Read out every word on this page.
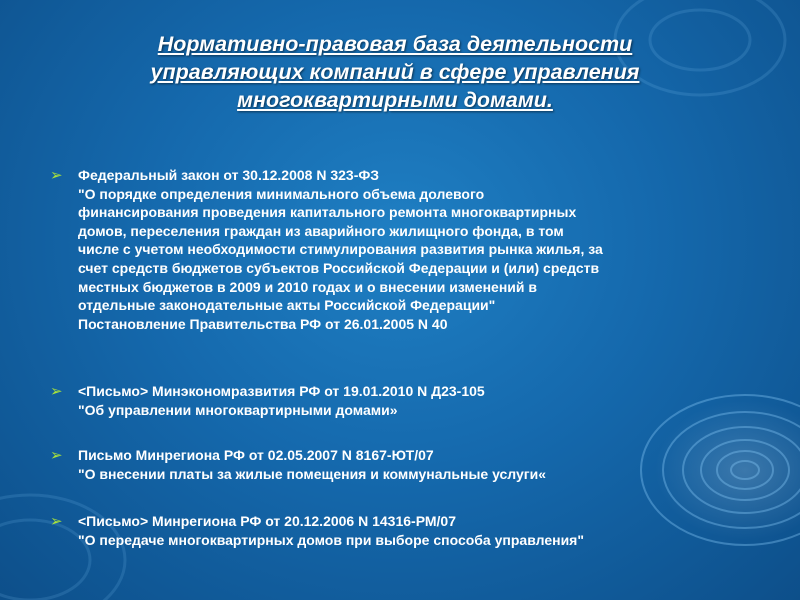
Нормативно-правовая база деятельности
управляющих компаний в сфере управления
многоквартирными домами.
➢ Федеральный закон от 30.12.2008 N 323-ФЗ
"О порядке определения минимального объема долевого
финансирования проведения капитального ремонта многоквартирных
домов, переселения граждан из аварийного жилищного фонда, в том
числе с учетом необходимости стимулирования развития рынка жилья, за
счет средств бюджетов субъектов Российской Федерации и (или) средств
местных бюджетов в 2009 и 2010 годах и о внесении изменений в
отдельные законодательные акты Российской Федерации"
Постановление Правительства РФ от 26.01.2005 N 40
➢ <Письмо> Минэкономразвития РФ от 19.01.2010 N Д23-105
"Об управлении многоквартирными домами»
➢ Письмо Минрегиона РФ от 02.05.2007 N 8167-ЮТ/07
"О внесении платы за жилые помещения и коммунальные услуги«
➢ <Письмо> Минрегиона РФ от 20.12.2006 N 14316-РМ/07
"О передаче многоквартирных домов при выборе способа управления"
